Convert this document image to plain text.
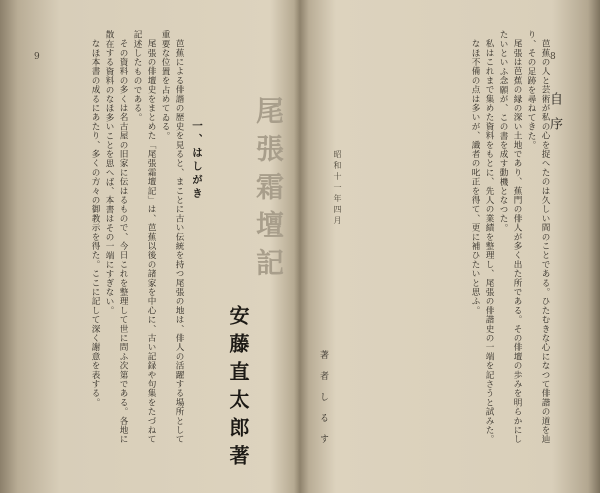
9	芭蕉による俳諧の歴史を見ると、まことに古い伝統を持つ尾張の地は、俳人の活躍する場所として重要な位置を占めてゐる。

尾張の俳壇史をまとめた「尾張霜壇記」は、芭蕉以後の諸家を中心に、古い記録や句集をたづねて記述したものである。

その資料の多くは名古屋の旧家に伝はるもので、今日これを整理して世に問ふ次第である。各地に散在する資料のなほ多いことを思へば、本書はその一端にすぎない。

なほ本書の成るにあたり、多くの方々の御教示を得た。ここに記して深く謝意を表する。	一、はしがき
安藤直太郎著
尾張霜壇記
8
自序

芭蕉の人と芸術が私の心を捉へたのは久しい間のことである。ひたむきな心になつて俳諧の道を辿り、その足跡を尋ねてきた。

尾張は芭蕉の縁の深い土地であり、蕉門の俳人が多く出た所である。その俳壇の歩みを明らかにしたいといふ念願が、この書を成す動機となつた。

私はこれまで集めた資料をもとに、先人の業績を整理し、尾張の俳諧史の一端を記さうと試みた。

なほ不備の点は多いが、識者の叱正を得て、更に補ひたいと思ふ。

昭和十一年四月
著者しるす
